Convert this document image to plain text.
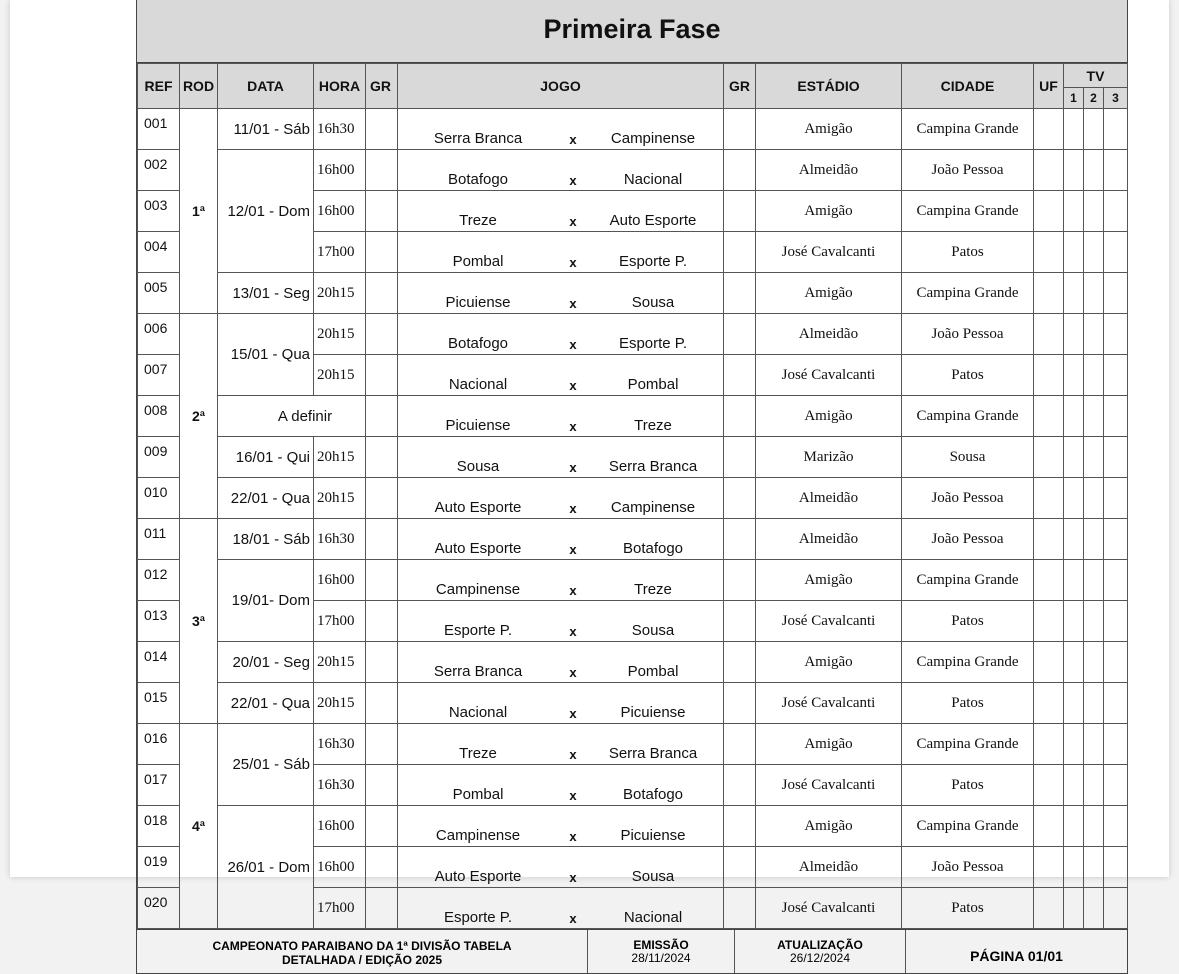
Primeira Fase
REF	ROD	DATA	HORA	GR	JOGO	GR	ESTÁDIO	CIDADE	UF	TV		
										1	2	3
001	1ª	11/01 - Sáb	16h30		Serra Branca x Campinense		Amigão	Campina Grande				
002		12/01 - Dom	16h00		Botafogo x Nacional		Almeidão	João Pessoa				
003			16h00		Treze x Auto Esporte		Amigão	Campina Grande				
004			17h00		Pombal x Esporte P.		José Cavalcanti	Patos				
005		13/01 - Seg	20h15		Picuiense x Sousa		Amigão	Campina Grande				
006	2ª	15/01 - Qua	20h15		Botafogo x Esporte P.		Almeidão	João Pessoa				
007			20h15		Nacional x Pombal		José Cavalcanti	Patos				
008		A definir			Picuiense x Treze		Amigão	Campina Grande				
009		16/01 - Qui	20h15		Sousa x Serra Branca		Marizão	Sousa				
010		22/01 - Qua	20h15		Auto Esporte x Campinense		Almeidão	João Pessoa				
011	3ª	18/01 - Sáb	16h30		Auto Esporte x Botafogo		Almeidão	João Pessoa				
012		19/01- Dom	16h00		Campinense x Treze		Amigão	Campina Grande				
013			17h00		Esporte P. x Sousa		José Cavalcanti	Patos				
014		20/01 - Seg	20h15		Serra Branca x Pombal		Amigão	Campina Grande				
015		22/01 - Qua	20h15		Nacional x Picuiense		José Cavalcanti	Patos				
016	4ª	25/01 - Sáb	16h30		Treze x Serra Branca		Amigão	Campina Grande				
017			16h30		Pombal x Botafogo		José Cavalcanti	Patos				
018		26/01 - Dom	16h00		Campinense x Picuiense		Amigão	Campina Grande				
019			16h00		Auto Esporte x Sousa		Almeidão	João Pessoa				
020			17h00		Esporte P. x Nacional		José Cavalcanti	Patos				
CAMPEONATO PARAIBANO DA 1ª DIVISÃO TABELA
DETALHADA / EDIÇÃO 2025
EMISSÃO
28/11/2024
ATUALIZAÇÃO
26/12/2024	PÁGINA 01/01
